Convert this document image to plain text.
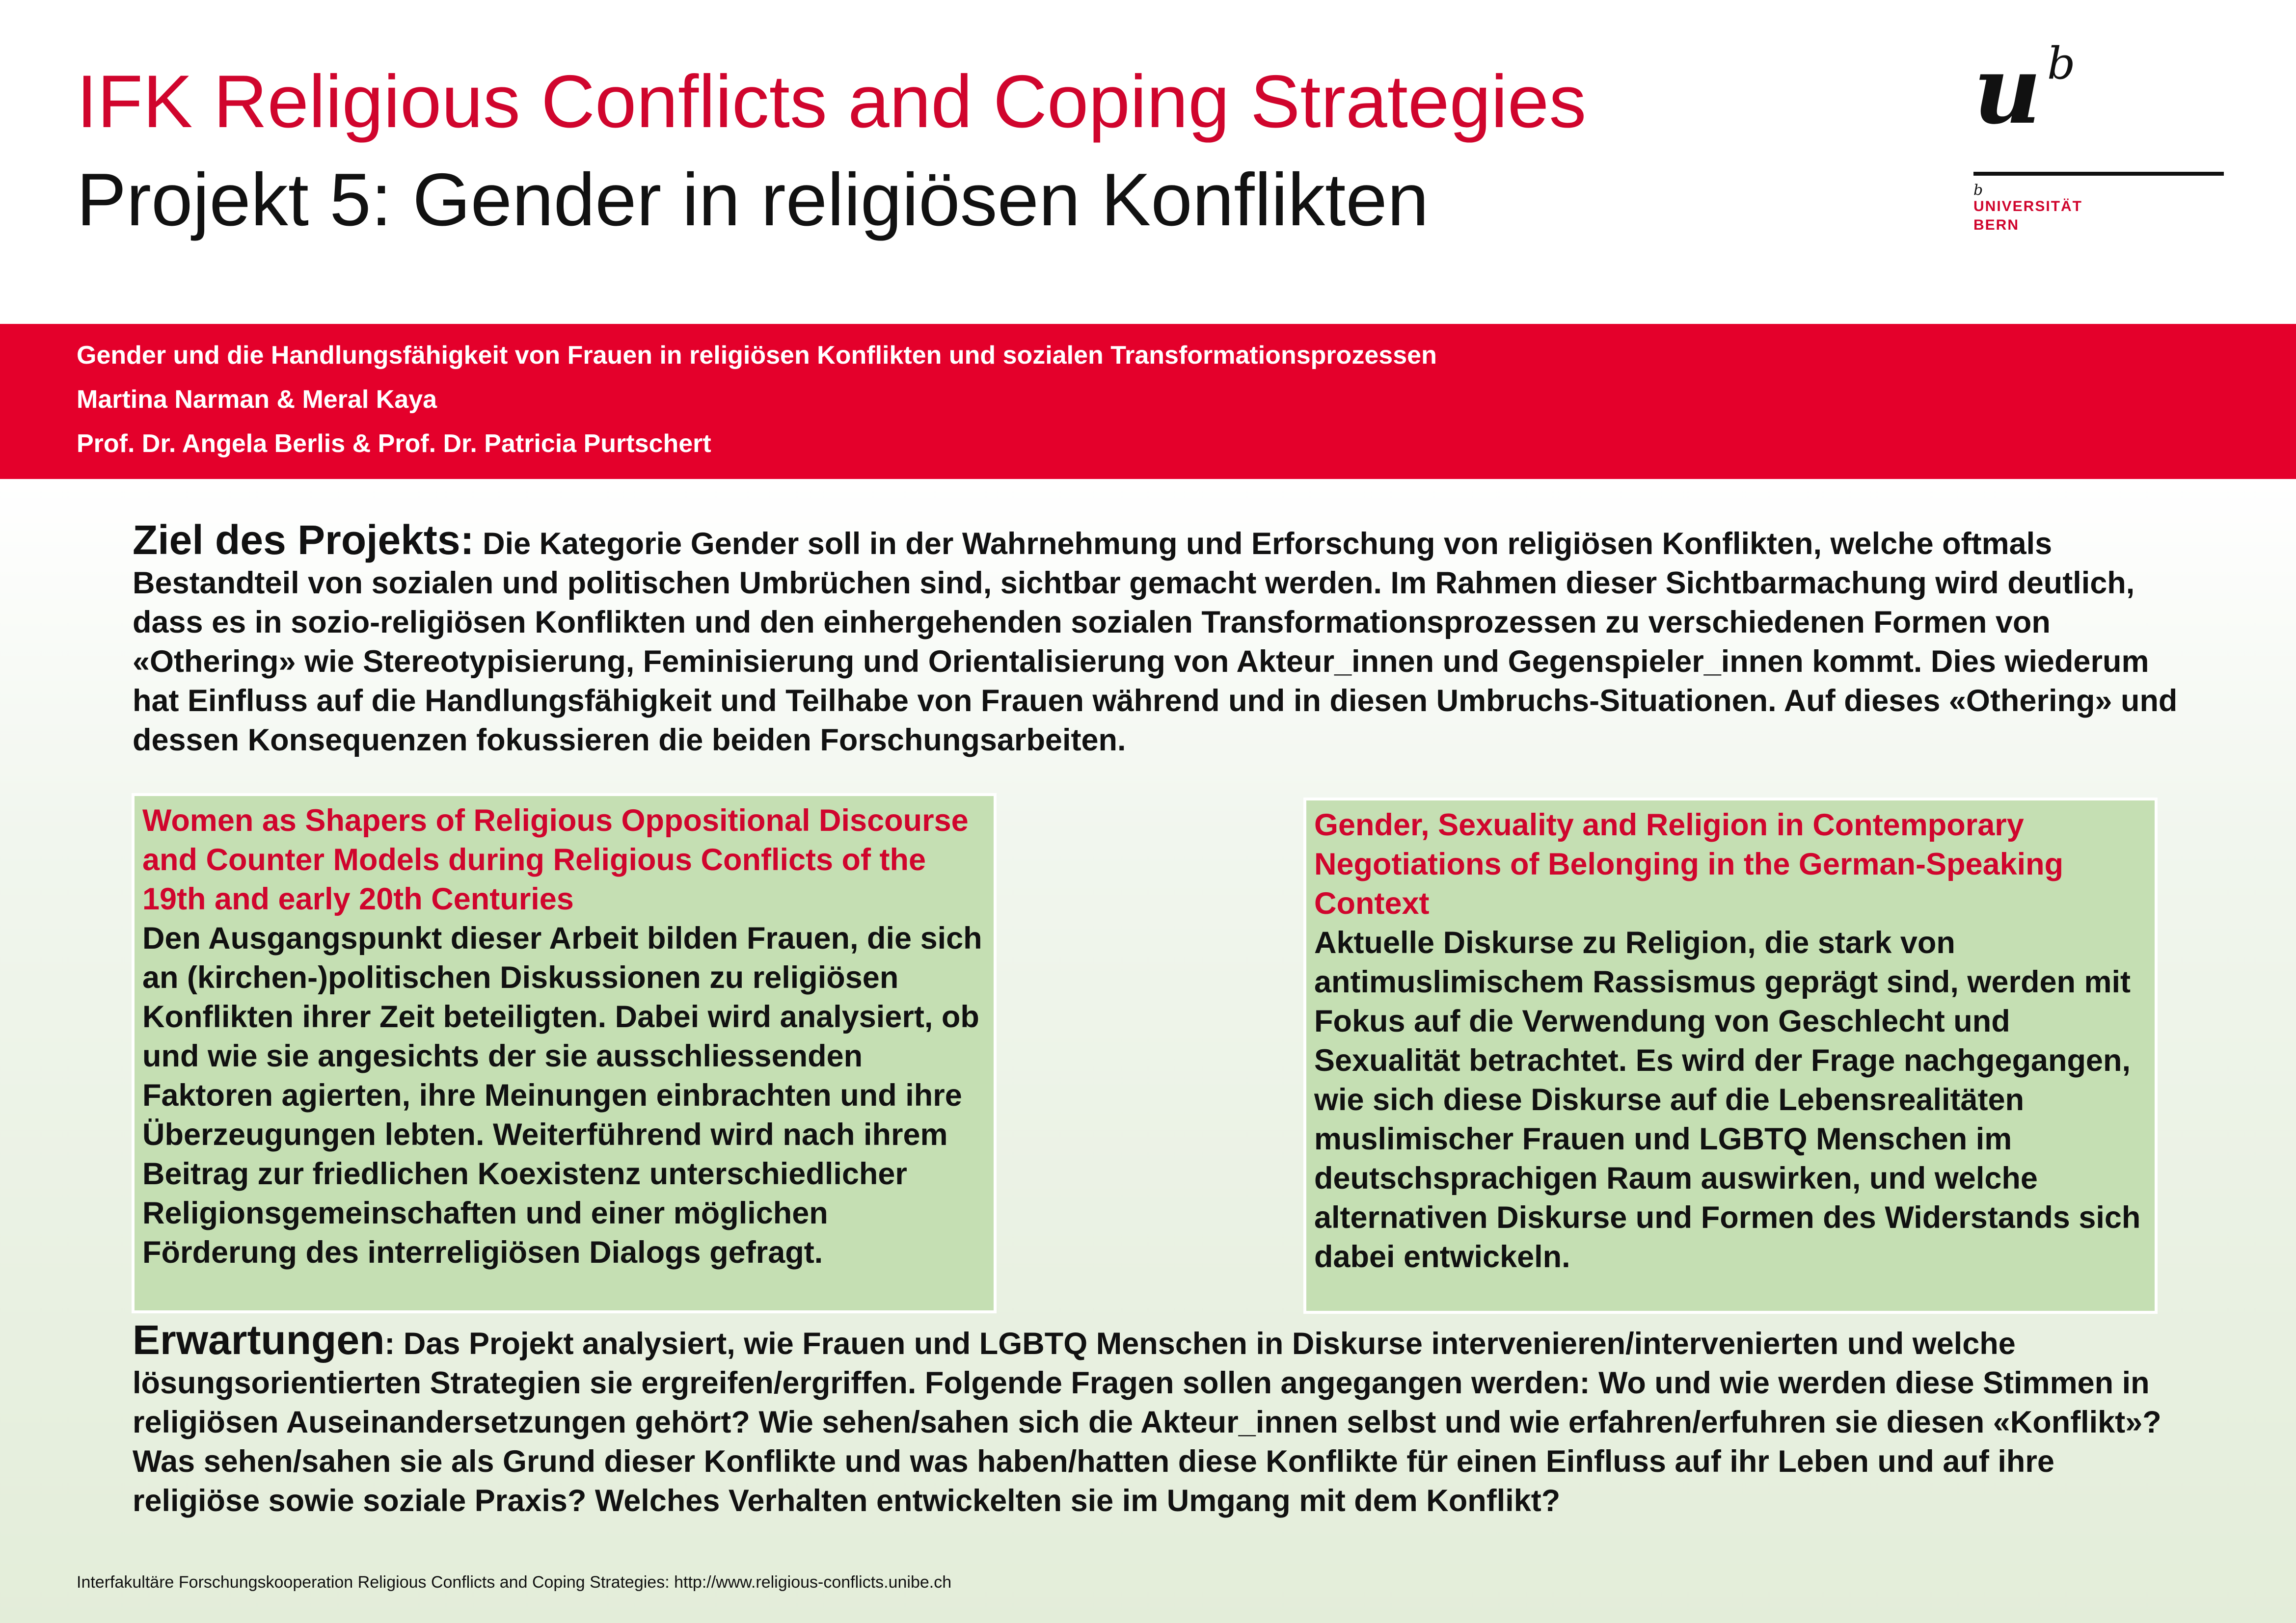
IFK Religious Conflicts and Coping Strategies
Projekt 5: Gender in religiösen Konflikten
u b
b
UNIVERSITÄT
BERN

Gender und die Handlungsfähigkeit von Frauen in religiösen Konflikten und sozialen Transformationsprozessen

Martina Narman & Meral Kaya

Prof. Dr. Angela Berlis & Prof. Dr. Patricia Purtschert

Ziel des Projekts: Die Kategorie Gender soll in der Wahrnehmung und Erforschung von religiösen Konflikten, welche oftmals Bestandteil von sozialen und politischen Umbrüchen sind, sichtbar gemacht werden. Im Rahmen dieser Sichtbarmachung wird deutlich, dass es in sozio-religiösen Konflikten und den einhergehenden sozialen Transformationsprozessen zu verschiedenen Formen von «Othering» wie Stereotypisierung, Feminisierung und Orientalisierung von Akteur_innen und Gegenspieler_innen kommt. Dies wiederum hat Einfluss auf die Handlungsfähigkeit und Teilhabe von Frauen während und in diesen Umbruchs-Situationen. Auf dieses «Othering» und dessen Konsequenzen fokussieren die beiden Forschungsarbeiten.

Women as Shapers of Religious Oppositional Discourse and Counter Models during Religious Conflicts of the 19th and early 20th Centuries

Den Ausgangspunkt dieser Arbeit bilden Frauen, die sich an (kirchen-)politischen Diskussionen zu religiösen Konflikten ihrer Zeit beteiligten. Dabei wird analysiert, ob und wie sie angesichts der sie ausschliessenden Faktoren agierten, ihre Meinungen einbrachten und ihre Überzeugungen lebten. Weiterführend wird nach ihrem Beitrag zur friedlichen Koexistenz unterschiedlicher Religionsgemeinschaften und einer möglichen Förderung des interreligiösen Dialogs gefragt.

Gender, Sexuality and Religion in Contemporary Negotiations of Belonging in the German-Speaking Context

Aktuelle Diskurse zu Religion, die stark von antimuslimischem Rassismus geprägt sind, werden mit Fokus auf die Verwendung von Geschlecht und Sexualität betrachtet. Es wird der Frage nachgegangen, wie sich diese Diskurse auf die Lebensrealitäten muslimischer Frauen und LGBTQ Menschen im deutschsprachigen Raum auswirken, und welche alternativen Diskurse und Formen des Widerstands sich dabei entwickeln.

Erwartungen: Das Projekt analysiert, wie Frauen und LGBTQ Menschen in Diskurse intervenieren/intervenierten und welche lösungsorientierten Strategien sie ergreifen/ergriffen. Folgende Fragen sollen angegangen werden: Wo und wie werden diese Stimmen in religiösen Auseinandersetzungen gehört? Wie sehen/sahen sich die Akteur_innen selbst und wie erfahren/erfuhren sie diesen «Konflikt»? Was sehen/sahen sie als Grund dieser Konflikte und was haben/hatten diese Konflikte für einen Einfluss auf ihr Leben und auf ihre religiöse sowie soziale Praxis? Welches Verhalten entwickelten sie im Umgang mit dem Konflikt?

Interfakultäre Forschungskooperation Religious Conflicts and Coping Strategies: http://www.religious-conflicts.unibe.ch
